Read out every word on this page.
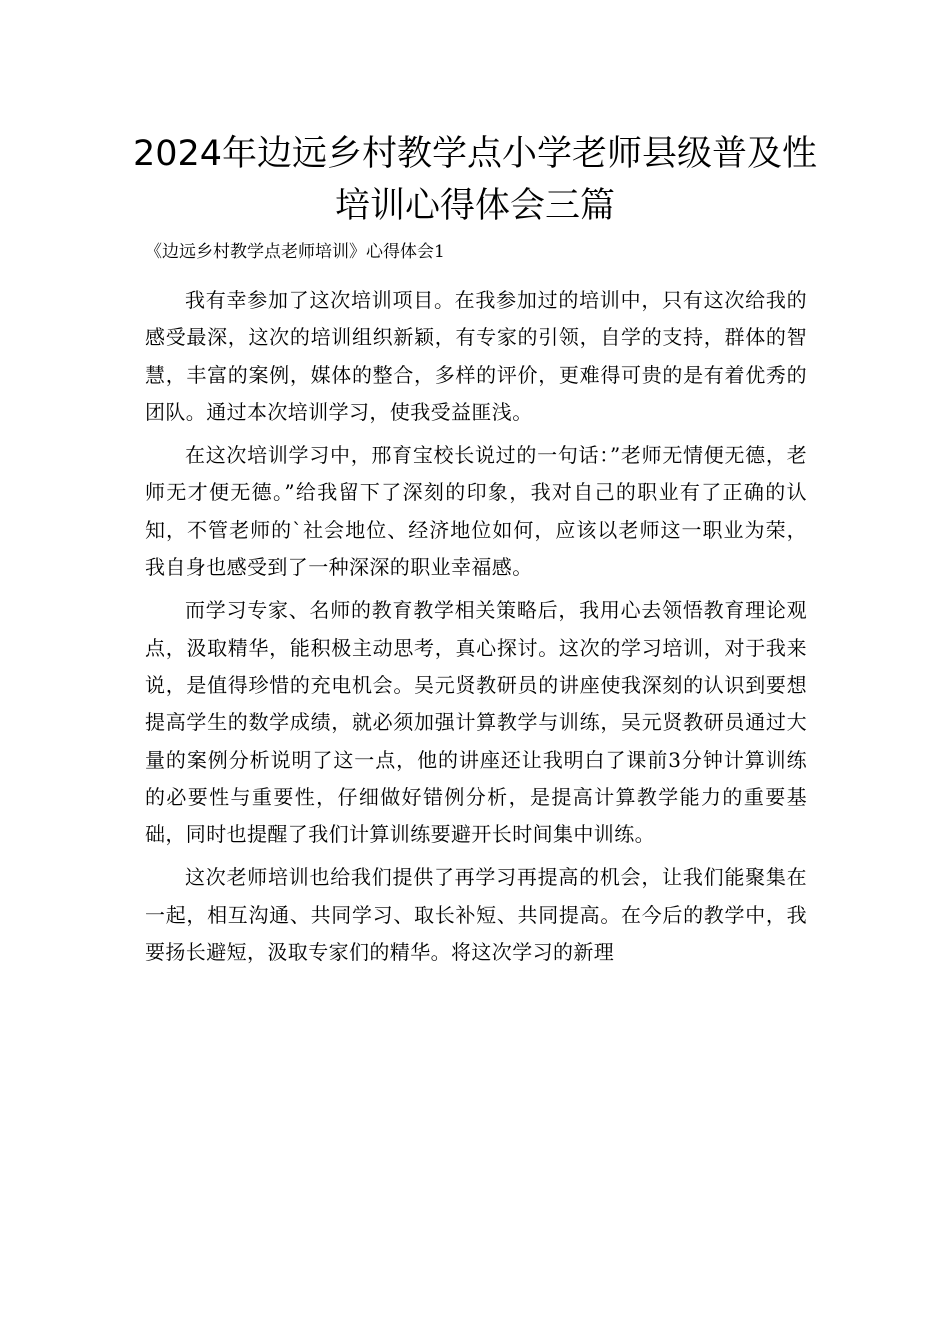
2024年边远乡村教学点小学老师县级普及性培训心得体会三篇

《边远乡村教学点老师培训》心得体会1

我有幸参加了这次培训项目。在我参加过的培训中，只有这次给我的感受最深，这次的培训组织新颖，有专家的引领，自学的支持，群体的智慧，丰富的案例，媒体的整合，多样的评价，更难得可贵的是有着优秀的团队。通过本次培训学习，使我受益匪浅。

在这次培训学习中，邢育宝校长说过的一句话：”老师无情便无德，老师无才便无德。”给我留下了深刻的印象，我对自己的职业有了正确的认知，不管老师的`社会地位、经济地位如何，应该以老师这一职业为荣，我自身也感受到了一种深深的职业幸福感。

而学习专家、名师的教育教学相关策略后，我用心去领悟教育理论观点，汲取精华，能积极主动思考，真心探讨。这次的学习培训，对于我来说，是值得珍惜的充电机会。吴元贤教研员的讲座使我深刻的认识到要想提高学生的数学成绩，就必须加强计算教学与训练，吴元贤教研员通过大量的案例分析说明了这一点，他的讲座还让我明白了课前3分钟计算训练的必要性与重要性，仔细做好错例分析，是提高计算教学能力的重要基础，同时也提醒了我们计算训练要避开长时间集中训练。

这次老师培训也给我们提供了再学习再提高的机会，让我们能聚集在一起，相互沟通、共同学习、取长补短、共同提高。在今后的教学中，我要扬长避短，汲取专家们的精华。将这次学习的新理
